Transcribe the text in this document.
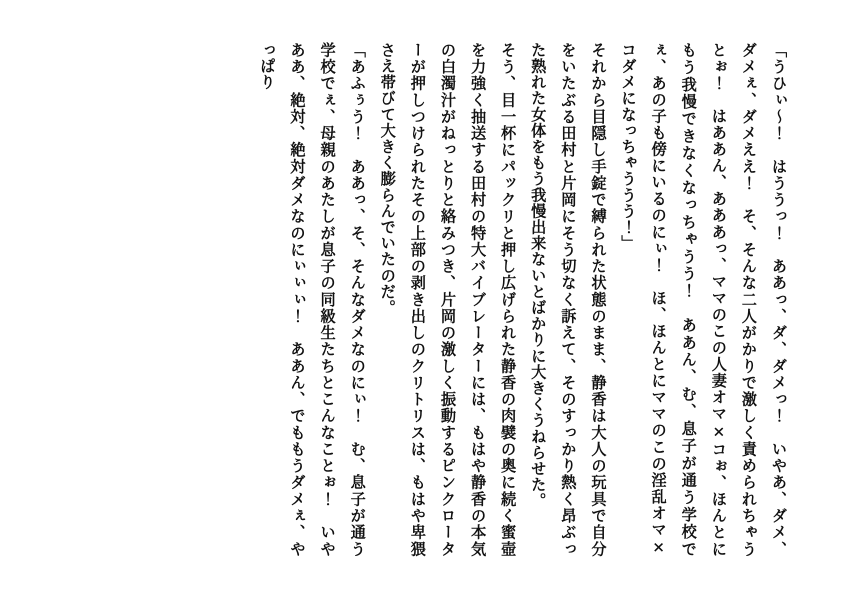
「うひぃ～！　はううっ！　ああっ、ダ、ダメっ！　いやあ、ダメ、ダメぇ、ダメええ！　そ、そんな二人がかりで激しく責められちゃうとぉ！　はああん、あああっ、ママのこの人妻オマ×コぉ、ほんとにもう我慢できなくなっちゃうう！　ああん、む、息子が通う学校でぇ、あの子も傍にいるのにぃ！　ほ、ほんとにママのこの淫乱オマ×コダメになっちゃううう！」

それから目隠し手錠で縛られた状態のまま、静香は大人の玩具で自分をいたぶる田村と片岡にそう切なく訴えて、そのすっかり熱く昂ぶった熟れた女体をもう我慢出来ないとばかりに大きくうねらせた。

そう、目一杯にパックリと押し広げられた静香の肉襞の奥に続く蜜壺を力強く抽送する田村の特大バイブレーターには、もはや静香の本気の白濁汁がねっとりと絡みつき、片岡の激しく振動するピンクローターが押しつけられたその上部の剥き出しのクリトリスは、もはや卑猥さえ帯びて大きく膨らんでいたのだ。

「あふぅう！　ああっ、そ、そんなダメなのにぃ！　む、息子が通う学校でぇ、母親のあたしが息子の同級生たちとこんなことぉ！　いやああ、絶対、絶対ダメなのにぃぃぃ！　ああん、でももうダメぇ、やっぱり
